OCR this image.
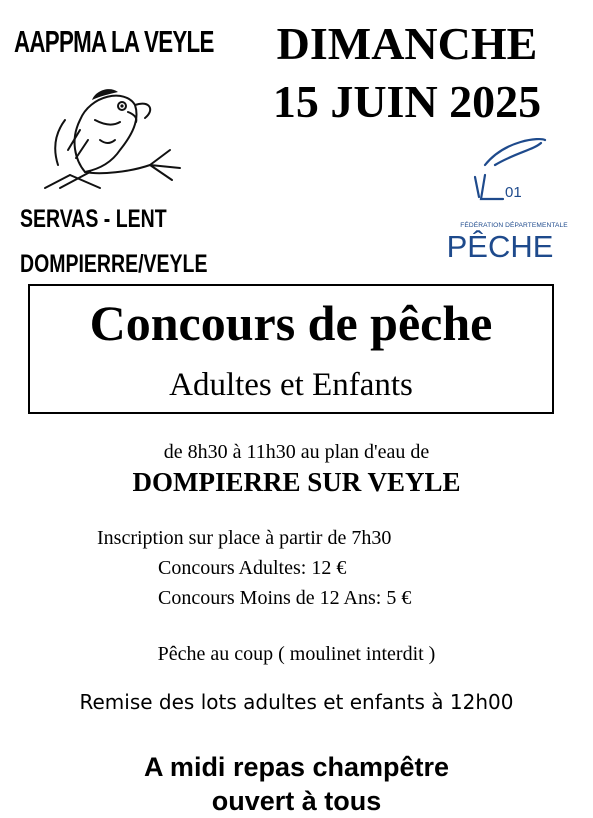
AAPPMA LA VEYLE
SERVAS - LENT
DOMPIERRE/VEYLE
DIMANCHE
15 JUIN 2025
01
FÉDÉRATION DÉPARTEMENTALE
PÊCHE
Concours de pêche
Adultes et Enfants
de 8h30 à 11h30 au plan d'eau de
DOMPIERRE SUR VEYLE
Inscription sur place à partir de 7h30
Concours Adultes: 12 €
Concours Moins de 12 Ans: 5 €
Pêche au coup ( moulinet interdit )
Remise des lots adultes et enfants à 12h00
A midi repas champêtre
ouvert à tous
